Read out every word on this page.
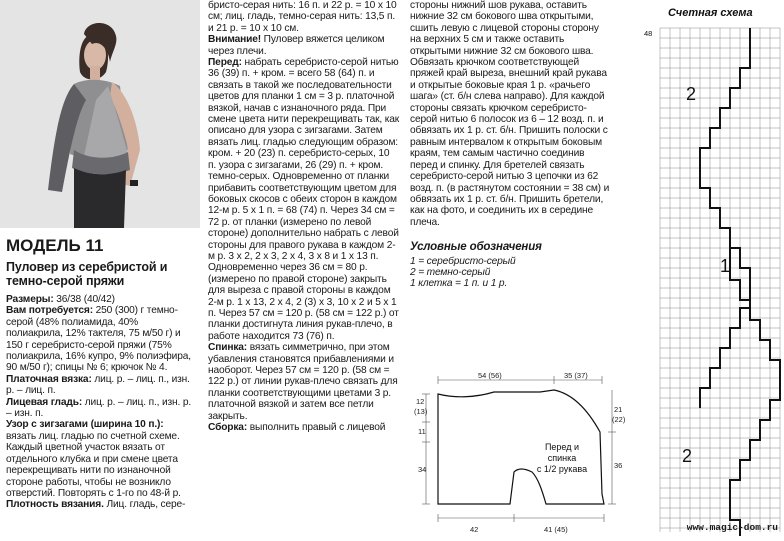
МОДЕЛЬ 11
Пуловер из серебристой и темно-серой пряжи

Размеры: 36/38 (40/42)

Вам потребуется: 250 (300) г темно-серой (48% полиамида, 40% полиакрила, 12% тактеля, 75 м/50 г) и 150 г серебристо-серой пряжи (75% полиакрила, 16% купро, 9% полиэфира, 90 м/50 г); спицы № 6; крючок № 4.

Платочная вязка: лиц. р. – лиц. п., изн. р. – лиц. п.

Лицевая гладь: лиц. р. – лиц. п., изн. р. – изн. п.

Узор с зигзагами (ширина 10 п.): вязать лиц. гладью по счетной схеме. Каждый цветной участок вязать от отдельного клубка и при смене цвета перекрещивать нити по изнаночной стороне работы, чтобы не возникло отверстий. Повторять с 1-го по 48-й р.

Плотность вязания. Лиц. гладь, сере-

бристо-серая нить: 16 п. и 22 р. = 10 х 10 см; лиц. гладь, темно-серая нить: 13,5 п. и 21 р. = 10 х 10 см.

Внимание! Пуловер вяжется целиком через плечи.

Перед: набрать серебристо-серой нитью 36 (39) п. + кром. = всего 58 (64) п. и связать в такой же последовательности цветов для планки 1 см = 3 р. платочной вязкой, начав с изнаночного ряда. При смене цвета нити перекрещивать так, как описано для узора с зигзагами. Затем вязать лиц. гладью следующим образом: кром. + 20 (23) п. серебристо-серых, 10 п. узора с зигзагами, 26 (29) п. + кром. темно-серых. Одновременно от планки прибавить соответствующим цветом для боковых скосов с обеих сторон в каждом 12-м р. 5 х 1 п. = 68 (74) п. Через 34 см = 72 р. от планки (измерено по левой стороне) дополнительно набрать с левой стороны для правого рукава в каждом 2-м р. 3 х 2, 2 х 3, 2 х 4, 3 х 8 и 1 х 13 п. Одновременно через 36 см = 80 р. (измерено по правой стороне) закрыть для выреза с правой стороны в каждом 2-м р. 1 х 13, 2 х 4, 2 (3) х 3, 10 х 2 и 5 х 1 п. Через 57 см = 120 р. (58 см = 122 р.) от планки достигнута линия рукав-плечо, в работе находится 73 (76) п.

Спинка: вязать симметрично, при этом убавления становятся прибавлениями и наоборот. Через 57 см = 120 р. (58 см = 122 р.) от линии рукав-плечо связать для планки соответствующими цветами 3 р. платочной вязкой и затем все петли закрыть.

Сборка: выполнить правый с лицевой

стороны нижний шов рукава, оставить нижние 32 см бокового шва открытыми, сшить левую с лицевой стороны сторону на верхних 5 см и также оставить открытыми нижние 32 см бокового шва. Обвязать крючком соответствующей пряжей край выреза, внешний край рукава и открытые боковые края 1 р. «рачьего шага» (ст. б/н слева направо). Для каждой стороны связать крючком серебристо-серой нитью 6 полосок из 6 – 12 возд. п. и обвязать их 1 р. ст. б/н. Пришить полоски с равным интервалом к открытым боковым краям, тем самым частично соединив перед и спинку. Для бретелей связать серебристо-серой нитью 3 цепочки из 62 возд. п. (в растянутом состоянии = 38 см) и обвязать их 1 р. ст. б/н. Пришить бретели, как на фото, и соединить их в середине плеча.

Условные обозначения
1 = серебристо-серый
2 = темно-серый
1 клетка = 1 п. и 1 р.
54 (56)	35 (37)
12
(13)
11
34
21
(22)
36
42	41 (45)
Перед и
спинка
с 1/2 рукава
Счетная схема
48
2
1
2
www.magic-dom.ru
